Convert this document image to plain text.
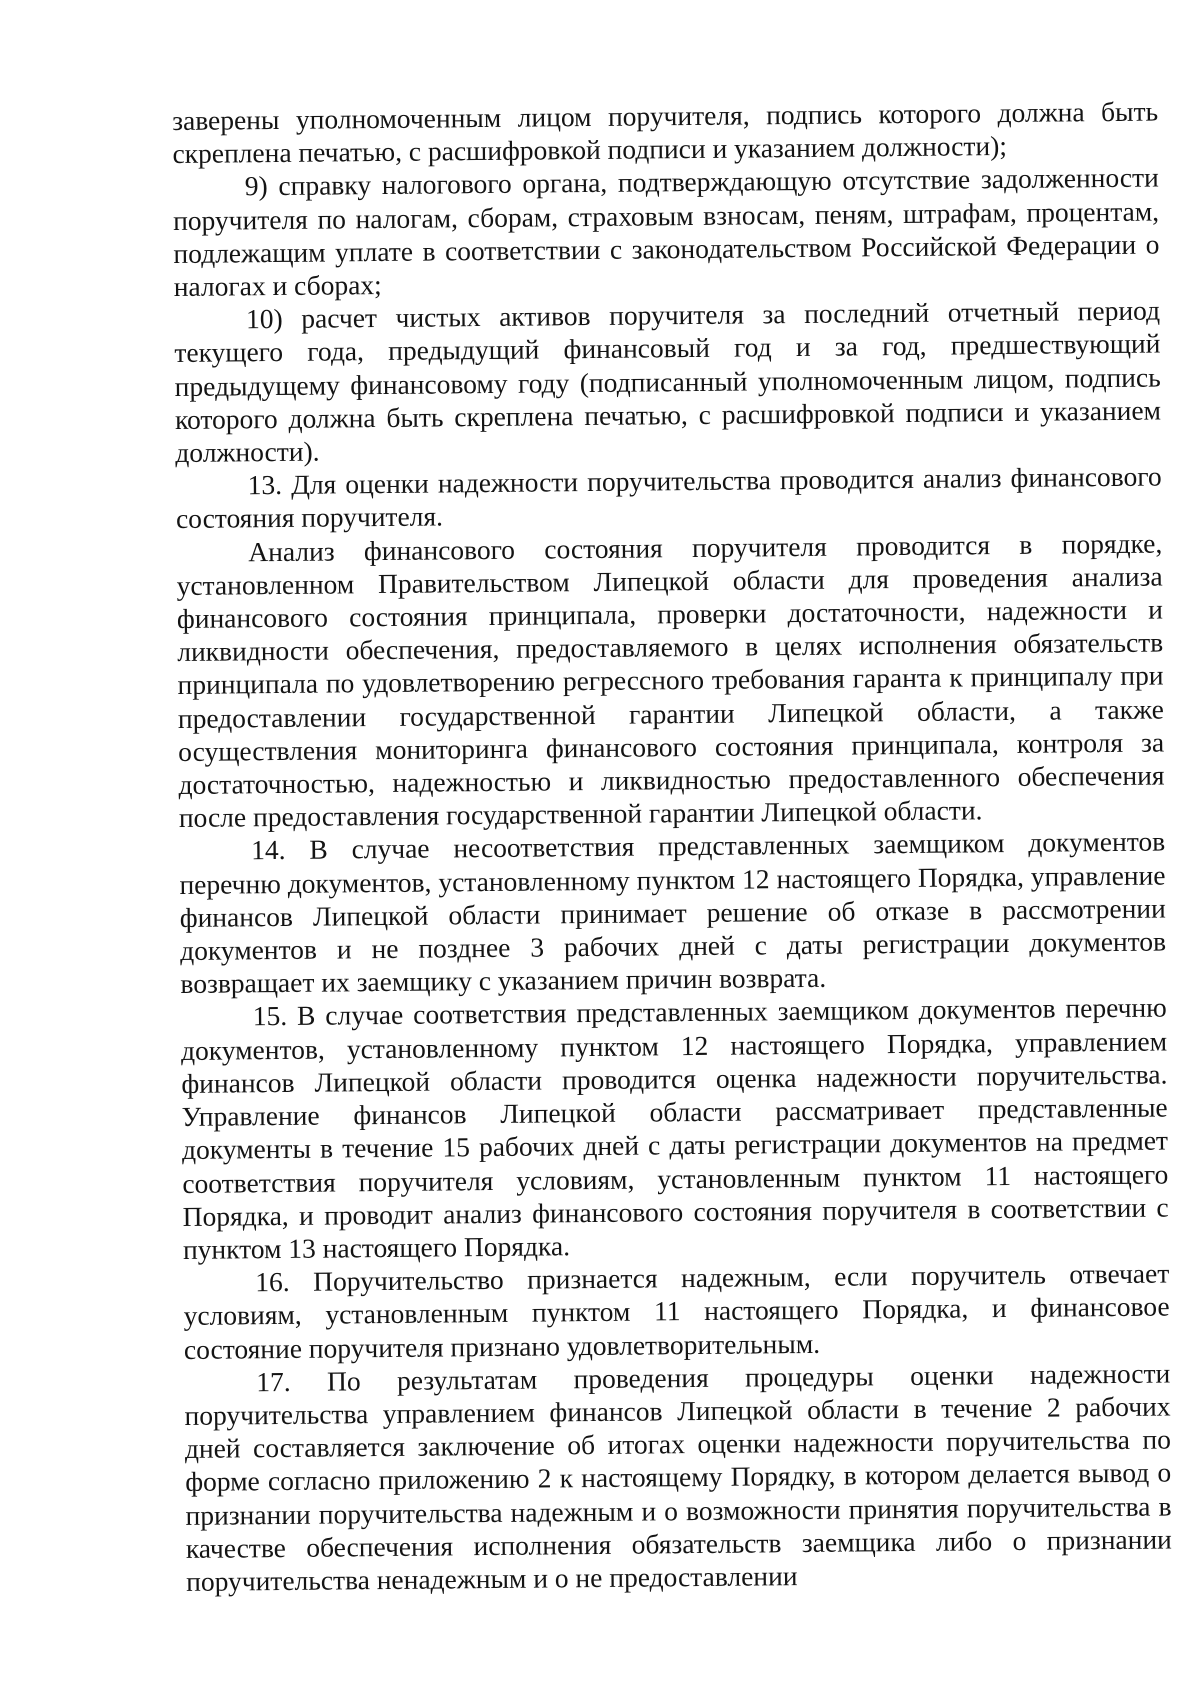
заверены уполномоченным лицом поручителя, подпись которого должна быть скреплена печатью, с расшифровкой подписи и указанием должности);

9) справку налогового органа, подтверждающую отсутствие задолженности поручителя по налогам, сборам, страховым взносам, пеням, штрафам, процентам, подлежащим уплате в соответствии с законодательством Российской Федерации о налогах и сборах;

10) расчет чистых активов поручителя за последний отчетный период текущего года, предыдущий финансовый год и за год, предшествующий предыдущему финансовому году (подписанный уполномоченным лицом, подпись которого должна быть скреплена печатью, с расшифровкой подписи и указанием должности).

13. Для оценки надежности поручительства проводится анализ финансового состояния поручителя.

Анализ финансового состояния поручителя проводится в порядке, установленном Правительством Липецкой области для проведения анализа финансового состояния принципала, проверки достаточности, надежности и ликвидности обеспечения, предоставляемого в целях исполнения обязательств принципала по удовлетворению регрессного требования гаранта к принципалу при предоставлении государственной гарантии Липецкой области, а также осуществления мониторинга финансового состояния принципала, контроля за достаточностью, надежностью и ликвидностью предоставленного обеспечения после предоставления государственной гарантии Липецкой области.

14. В случае несоответствия представленных заемщиком документов перечню документов, установленному пунктом 12 настоящего Порядка, управление финансов Липецкой области принимает решение об отказе в рассмотрении документов и не позднее 3 рабочих дней с даты регистрации документов возвращает их заемщику с указанием причин возврата.

15. В случае соответствия представленных заемщиком документов перечню документов, установленному пунктом 12 настоящего Порядка, управлением финансов Липецкой области проводится оценка надежности поручительства. Управление финансов Липецкой области рассматривает представленные документы в течение 15 рабочих дней с даты регистрации документов на предмет соответствия поручителя условиям, установленным пунктом 11 настоящего Порядка, и проводит анализ финансового состояния поручителя в соответствии с пунктом 13 настоящего Порядка.

16. Поручительство признается надежным, если поручитель отвечает условиям, установленным пунктом 11 настоящего Порядка, и финансовое состояние поручителя признано удовлетворительным.

17. По результатам проведения процедуры оценки надежности поручительства управлением финансов Липецкой области в течение 2 рабочих дней составляется заключение об итогах оценки надежности поручительства по форме согласно приложению 2 к настоящему Порядку, в котором делается вывод о признании поручительства надежным и о возможности принятия поручительства в качестве обеспечения исполнения обязательств заемщика либо о признании поручительства ненадежным и о не предоставлении
